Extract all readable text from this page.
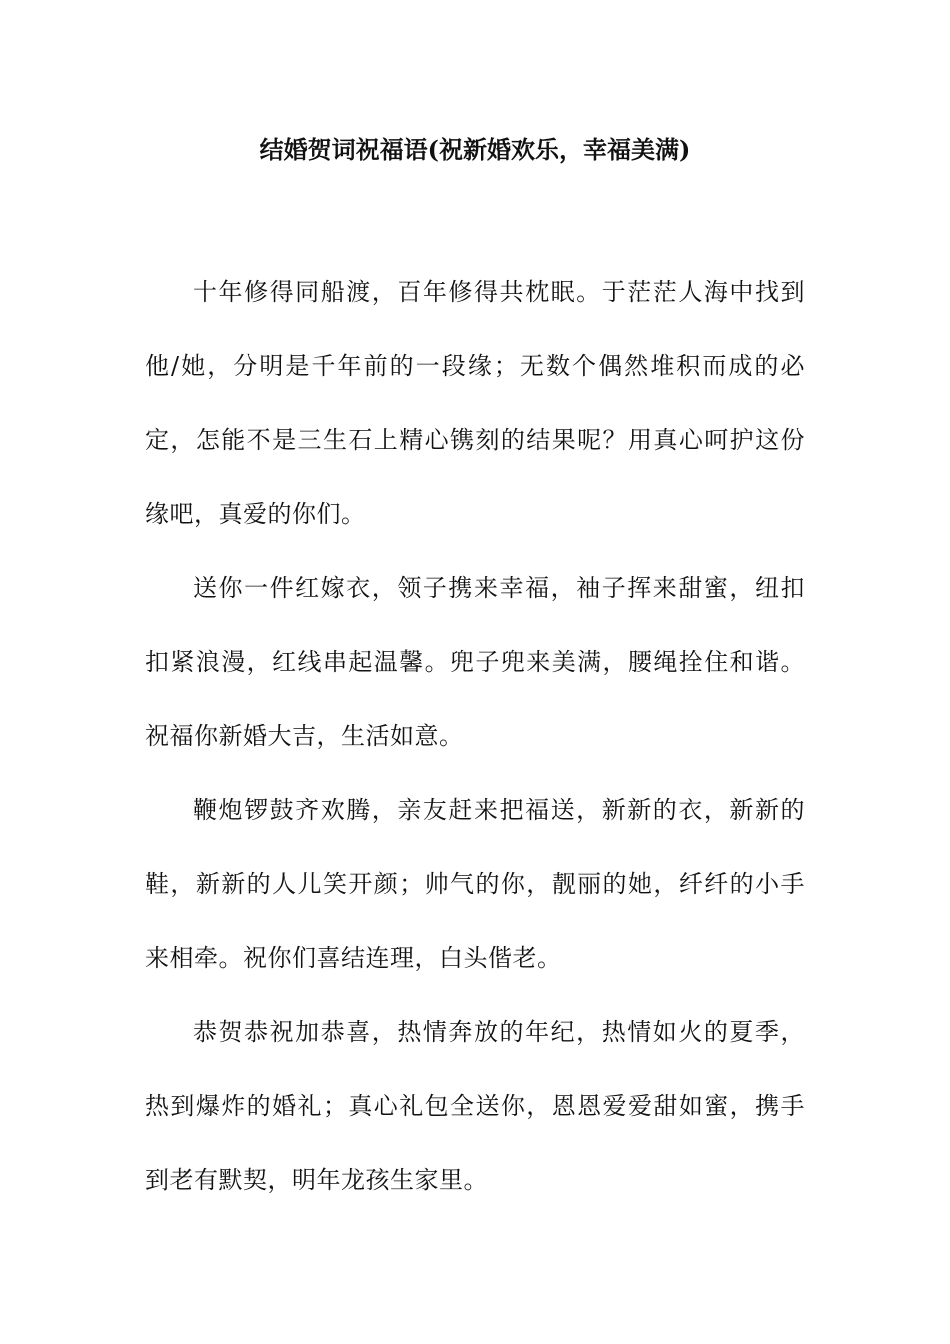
结婚贺词祝福语(祝新婚欢乐，幸福美满)

十年修得同船渡，百年修得共枕眠。于茫茫人海中找到他/她，分明是千年前的一段缘；无数个偶然堆积而成的必定，怎能不是三生石上精心镌刻的结果呢？用真心呵护这份缘吧，真爱的你们。

送你一件红嫁衣，领子携来幸福，袖子挥来甜蜜，纽扣扣紧浪漫，红线串起温馨。兜子兜来美满，腰绳拴住和谐。祝福你新婚大吉，生活如意。

鞭炮锣鼓齐欢腾，亲友赶来把福送，新新的衣，新新的鞋，新新的人儿笑开颜；帅气的你，靓丽的她，纤纤的小手来相牵。祝你们喜结连理，白头偕老。

恭贺恭祝加恭喜，热情奔放的年纪，热情如火的夏季，热到爆炸的婚礼；真心礼包全送你，恩恩爱爱甜如蜜，携手到老有默契，明年龙孩生家里。
